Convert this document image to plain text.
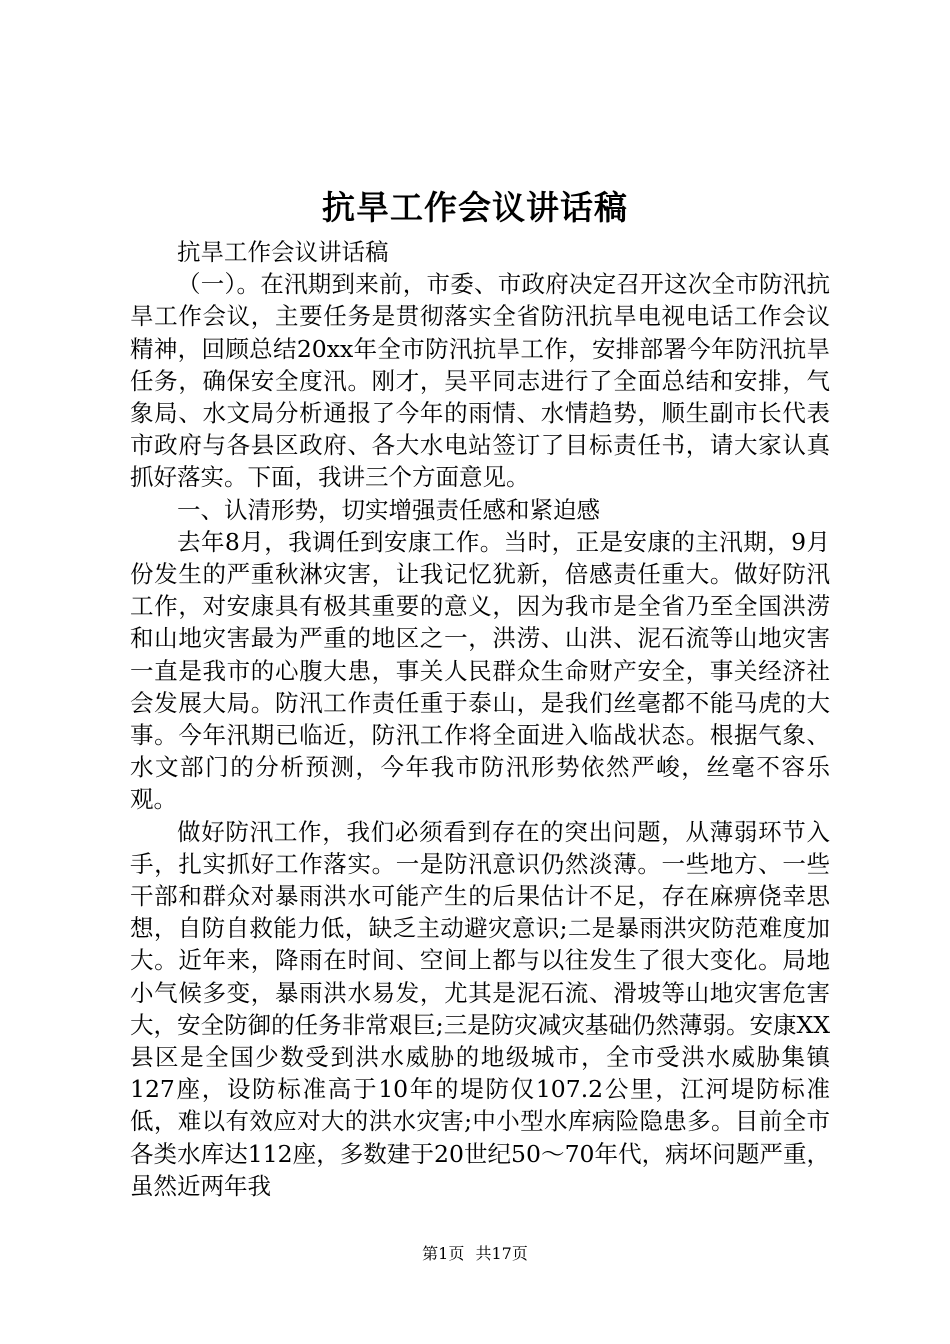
抗旱工作会议讲话稿

抗旱工作会议讲话稿

（一）。在汛期到来前，市委、市政府决定召开这次全市防汛抗旱工作会议，主要任务是贯彻落实全省防汛抗旱电视电话工作会议精神，回顾总结20xx年全市防汛抗旱工作，安排部署今年防汛抗旱任务，确保安全度汛。刚才，吴平同志进行了全面总结和安排，气象局、水文局分析通报了今年的雨情、水情趋势，顺生副市长代表市政府与各县区政府、各大水电站签订了目标责任书，请大家认真抓好落实。下面，我讲三个方面意见。

一、认清形势，切实增强责任感和紧迫感

去年8月，我调任到安康工作。当时，正是安康的主汛期，9月份发生的严重秋淋灾害，让我记忆犹新，倍感责任重大。做好防汛工作，对安康具有极其重要的意义，因为我市是全省乃至全国洪涝和山地灾害最为严重的地区之一，洪涝、山洪、泥石流等山地灾害一直是我市的心腹大患，事关人民群众生命财产安全，事关经济社会发展大局。防汛工作责任重于泰山，是我们丝毫都不能马虎的大事。今年汛期已临近，防汛工作将全面进入临战状态。根据气象、水文部门的分析预测，今年我市防汛形势依然严峻，丝毫不容乐观。

做好防汛工作，我们必须看到存在的突出问题，从薄弱环节入手，扎实抓好工作落实。一是防汛意识仍然淡薄。一些地方、一些干部和群众对暴雨洪水可能产生的后果估计不足，存在麻痹侥幸思想，自防自救能力低，缺乏主动避灾意识;二是暴雨洪灾防范难度加大。近年来，降雨在时间、空间上都与以往发生了很大变化。局地小气候多变，暴雨洪水易发，尤其是泥石流、滑坡等山地灾害危害大，安全防御的任务非常艰巨;三是防灾减灾基础仍然薄弱。安康XX县区是全国少数受到洪水威胁的地级城市，全市受洪水威胁集镇127座，设防标准高于10年的堤防仅107.2公里，江河堤防标准低，难以有效应对大的洪水灾害;中小型水库病险隐患多。目前全市各类水库达112座，多数建于20世纪50～70年代，病坏问题严重，虽然近两年我

第1页 共17页
